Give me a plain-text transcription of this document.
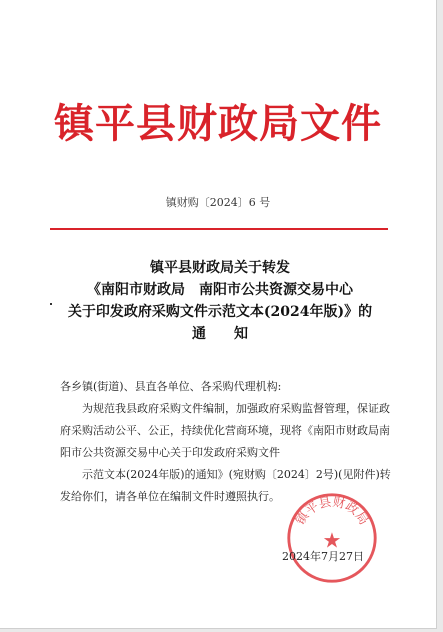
镇平县财政局文件
镇财购〔2024〕6 号
镇平县财政局关于转发
《南阳市财政局　南阳市公共资源交易中心
关于印发政府采购文件示范文本(2024年版)》的
通　　知

各乡镇(街道)、县直各单位、各采购代理机构:

为规范我县政府采购文件编制，加强政府采购监督管理，保证政府采购活动公平、公正，持续优化营商环境，现将《南阳市财政局南阳市公共资源交易中心关于印发政府采购文件

示范文本(2024年版)的通知》(宛财购〔2024〕2号)(见附件)转发给你们，请各单位在编制文件时遵照执行。

镇平县财政局
★
2024年7月27日
